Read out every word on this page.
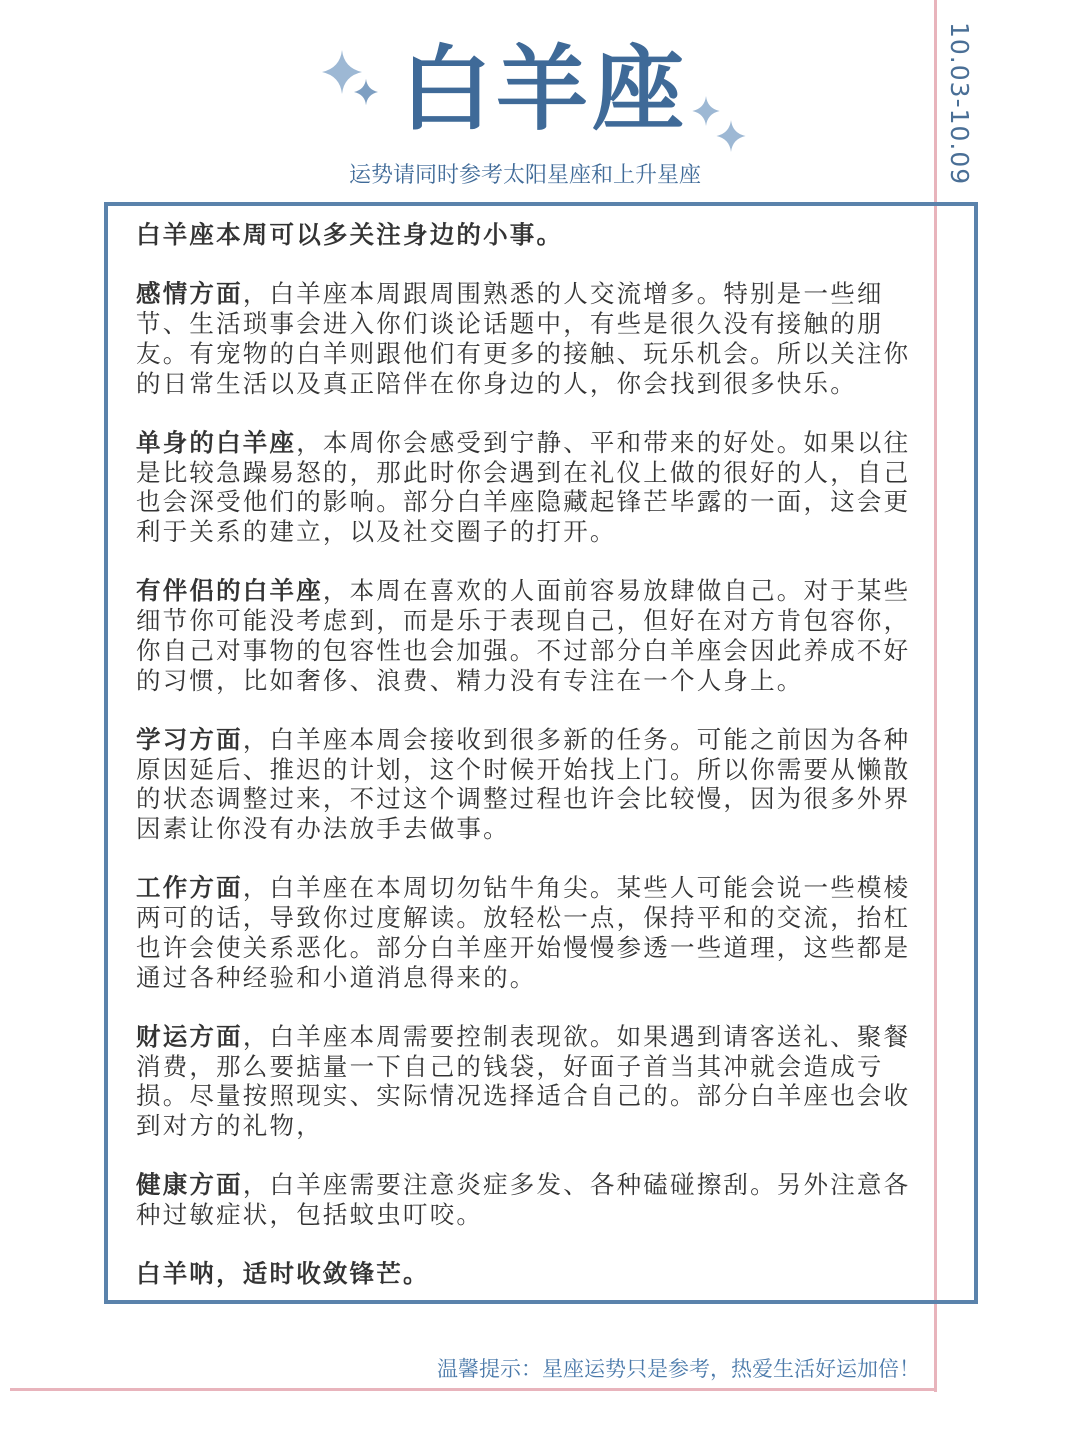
10.03-10.09
白羊座
运势请同时参考太阳星座和上升星座

白羊座本周可以多关注身边的小事。

感情方面，白羊座本周跟周围熟悉的人交流增多。特别是一些细节、生活琐事会进入你们谈论话题中，有些是很久没有接触的朋友。有宠物的白羊则跟他们有更多的接触、玩乐机会。所以关注你的日常生活以及真正陪伴在你身边的人，你会找到很多快乐。

单身的白羊座，本周你会感受到宁静、平和带来的好处。如果以往是比较急躁易怒的，那此时你会遇到在礼仪上做的很好的人，自己也会深受他们的影响。部分白羊座隐藏起锋芒毕露的一面，这会更利于关系的建立，以及社交圈子的打开。

有伴侣的白羊座，本周在喜欢的人面前容易放肆做自己。对于某些细节你可能没考虑到，而是乐于表现自己，但好在对方肯包容你，你自己对事物的包容性也会加强。不过部分白羊座会因此养成不好的习惯，比如奢侈、浪费、精力没有专注在一个人身上。

学习方面，白羊座本周会接收到很多新的任务。可能之前因为各种原因延后、推迟的计划，这个时候开始找上门。所以你需要从懒散的状态调整过来，不过这个调整过程也许会比较慢，因为很多外界因素让你没有办法放手去做事。

工作方面，白羊座在本周切勿钻牛角尖。某些人可能会说一些模棱两可的话，导致你过度解读。放轻松一点，保持平和的交流，抬杠也许会使关系恶化。部分白羊座开始慢慢参透一些道理，这些都是通过各种经验和小道消息得来的。

财运方面，白羊座本周需要控制表现欲。如果遇到请客送礼、聚餐消费，那么要掂量一下自己的钱袋，好面子首当其冲就会造成亏损。尽量按照现实、实际情况选择适合自己的。部分白羊座也会收到对方的礼物，

健康方面，白羊座需要注意炎症多发、各种磕碰擦刮。另外注意各种过敏症状，包括蚊虫叮咬。

白羊呐，适时收敛锋芒。

温馨提示：星座运势只是参考，热爱生活好运加倍！
